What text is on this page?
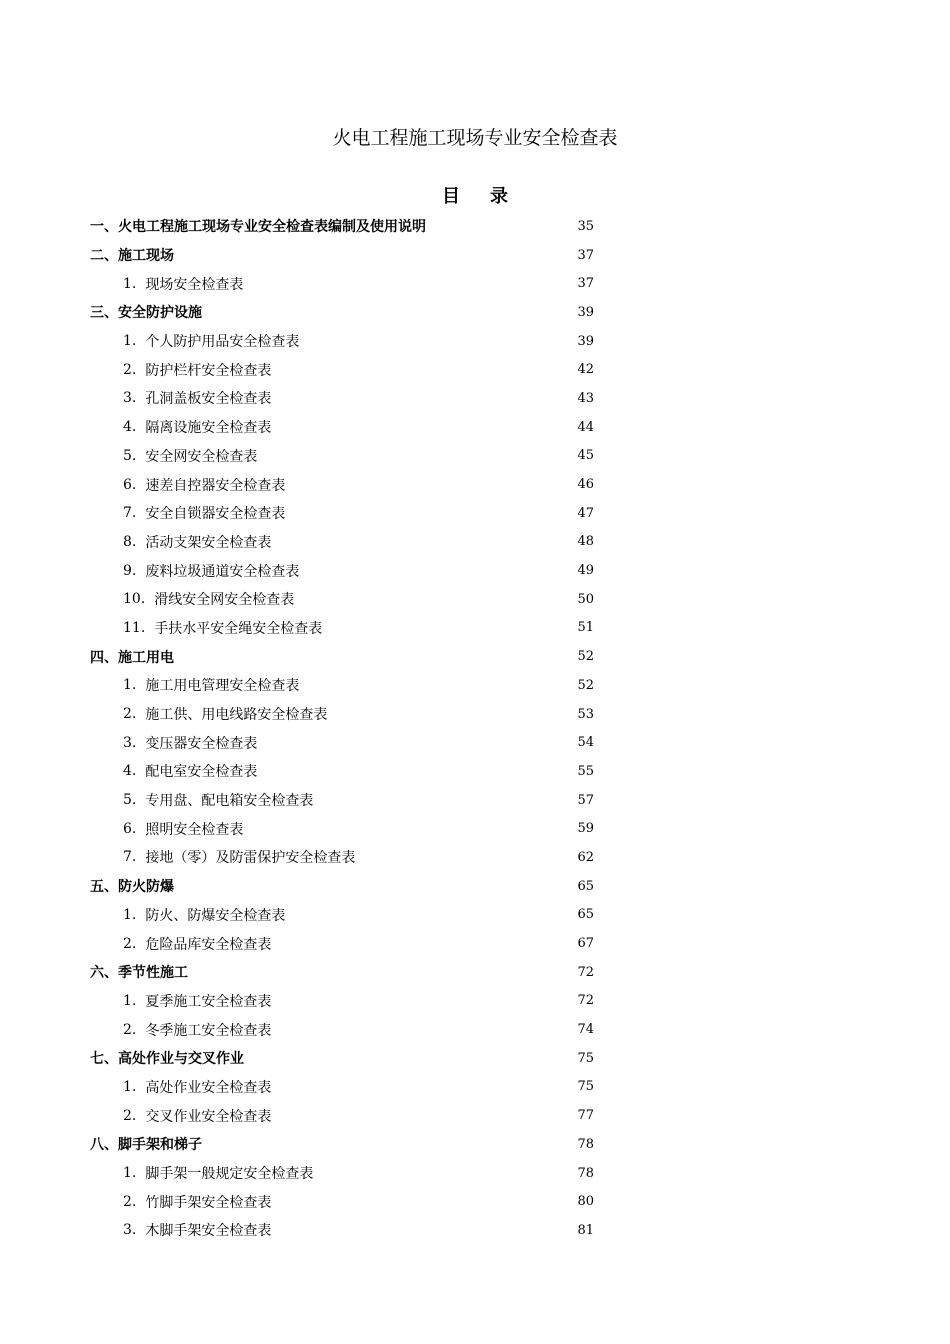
火电工程施工现场专业安全检查表
目录
一、 火电工程施工现场专业安全检查表编制及使用说明	35
二、 施工现场	37
1. 现场安全检查表	37
三、 安全防护设施	39
1. 个人防护用品安全检查表	39
2. 防护栏杆安全检查表	42
3. 孔洞盖板安全检查表	43
4. 隔离设施安全检查表	44
5. 安全网安全检查表	45
6. 速差自控器安全检查表	46
7. 安全自锁器安全检查表	47
8. 活动支架安全检查表	48
9. 废料垃圾通道安全检查表	49
10. 滑线安全网安全检查表	50
11. 手扶水平安全绳安全检查表	51
四、 施工用电	52
1. 施工用电管理安全检查表	52
2. 施工供、用电线路安全检查表	53
3. 变压器安全检查表	54
4. 配电室安全检查表	55
5. 专用盘、配电箱安全检查表	57
6. 照明安全检查表	59
7. 接地（零）及防雷保护安全检查表	62
五、 防火防爆	65
1. 防火、防爆安全检查表	65
2. 危险品库安全检查表	67
六、 季节性施工	72
1. 夏季施工安全检查表	72
2. 冬季施工安全检查表	74
七、 高处作业与交叉作业	75
1. 高处作业安全检查表	75
2. 交叉作业安全检查表	77
八、 脚手架和梯子	78
1. 脚手架一般规定安全检查表	78
2. 竹脚手架安全检查表	80
3. 木脚手架安全检查表	81
